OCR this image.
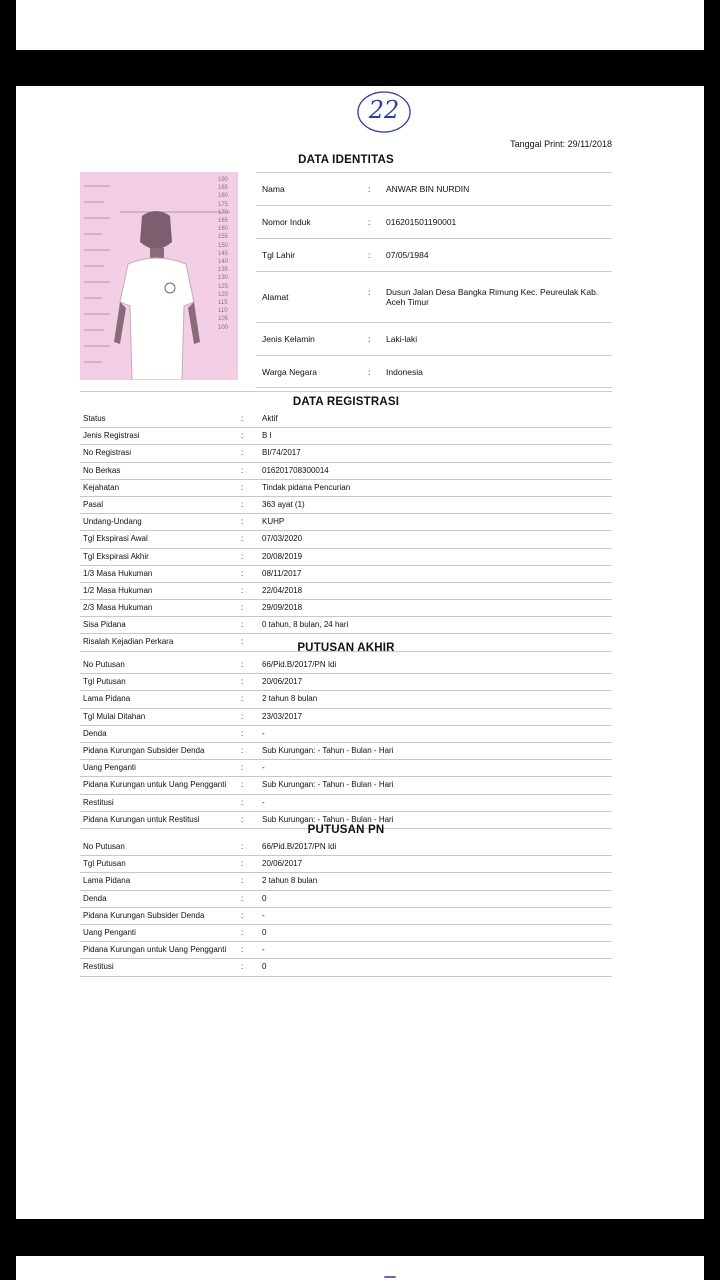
22
Tanggal Print: 29/11/2018
DATA IDENTITAS
190
185
180
175
170
165
160
155
150
145
140
135
130
125
120
115
110
105
100
Nama	: ANWAR BIN NURDIN
Nomor Induk	: 016201501190001
Tgl Lahir	: 07/05/1984
Alamat	: Dusun Jalan Desa Bangka Rimung Kec. Peureulak Kab. Aceh Timur
Jenis Kelamin	: Laki-laki
Warga Negara	: Indonesia
DATA REGISTRASI
Status	: Aktif
Jenis Registrasi	: B I
No Registrasi	: BI/74/2017
No Berkas	: 016201708300014
Kejahatan	: Tindak pidana Pencurian
Pasal	: 363 ayat (1)
Undang-Undang	: KUHP
Tgl Ekspirasi Awal	: 07/03/2020
Tgl Ekspirasi Akhir	: 20/08/2019
1/3 Masa Hukuman	: 08/11/2017
1/2 Masa Hukuman	: 22/04/2018
2/3 Masa Hukuman	: 29/09/2018
Sisa Pidana	: 0 tahun, 8 bulan, 24 hari
Risalah Kejadian Perkara	:
PUTUSAN AKHIR
No Putusan	: 66/Pid.B/2017/PN Idi
Tgl Putusan	: 20/06/2017
Lama Pidana	: 2 tahun 8 bulan
Tgl Mulai Ditahan	: 23/03/2017
Denda	: -
Pidana Kurungan Subsider Denda	: Sub Kurungan: - Tahun - Bulan - Hari
Uang Penganti	: -
Pidana Kurungan untuk Uang Pengganti : Sub Kurungan: - Tahun - Bulan - Hari
Restitusi	: -
Pidana Kurungan untuk Restitusi	: Sub Kurungan: - Tahun - Bulan - Hari
PUTUSAN PN
No Putusan	: 66/Pid.B/2017/PN Idi
Tgl Putusan	: 20/06/2017
Lama Pidana	: 2 tahun 8 bulan
Denda	: 0
Pidana Kurungan Subsider Denda	: -
Uang Penganti	: 0
Pidana Kurungan untuk Uang Pengganti : -
Restitusi	: 0
